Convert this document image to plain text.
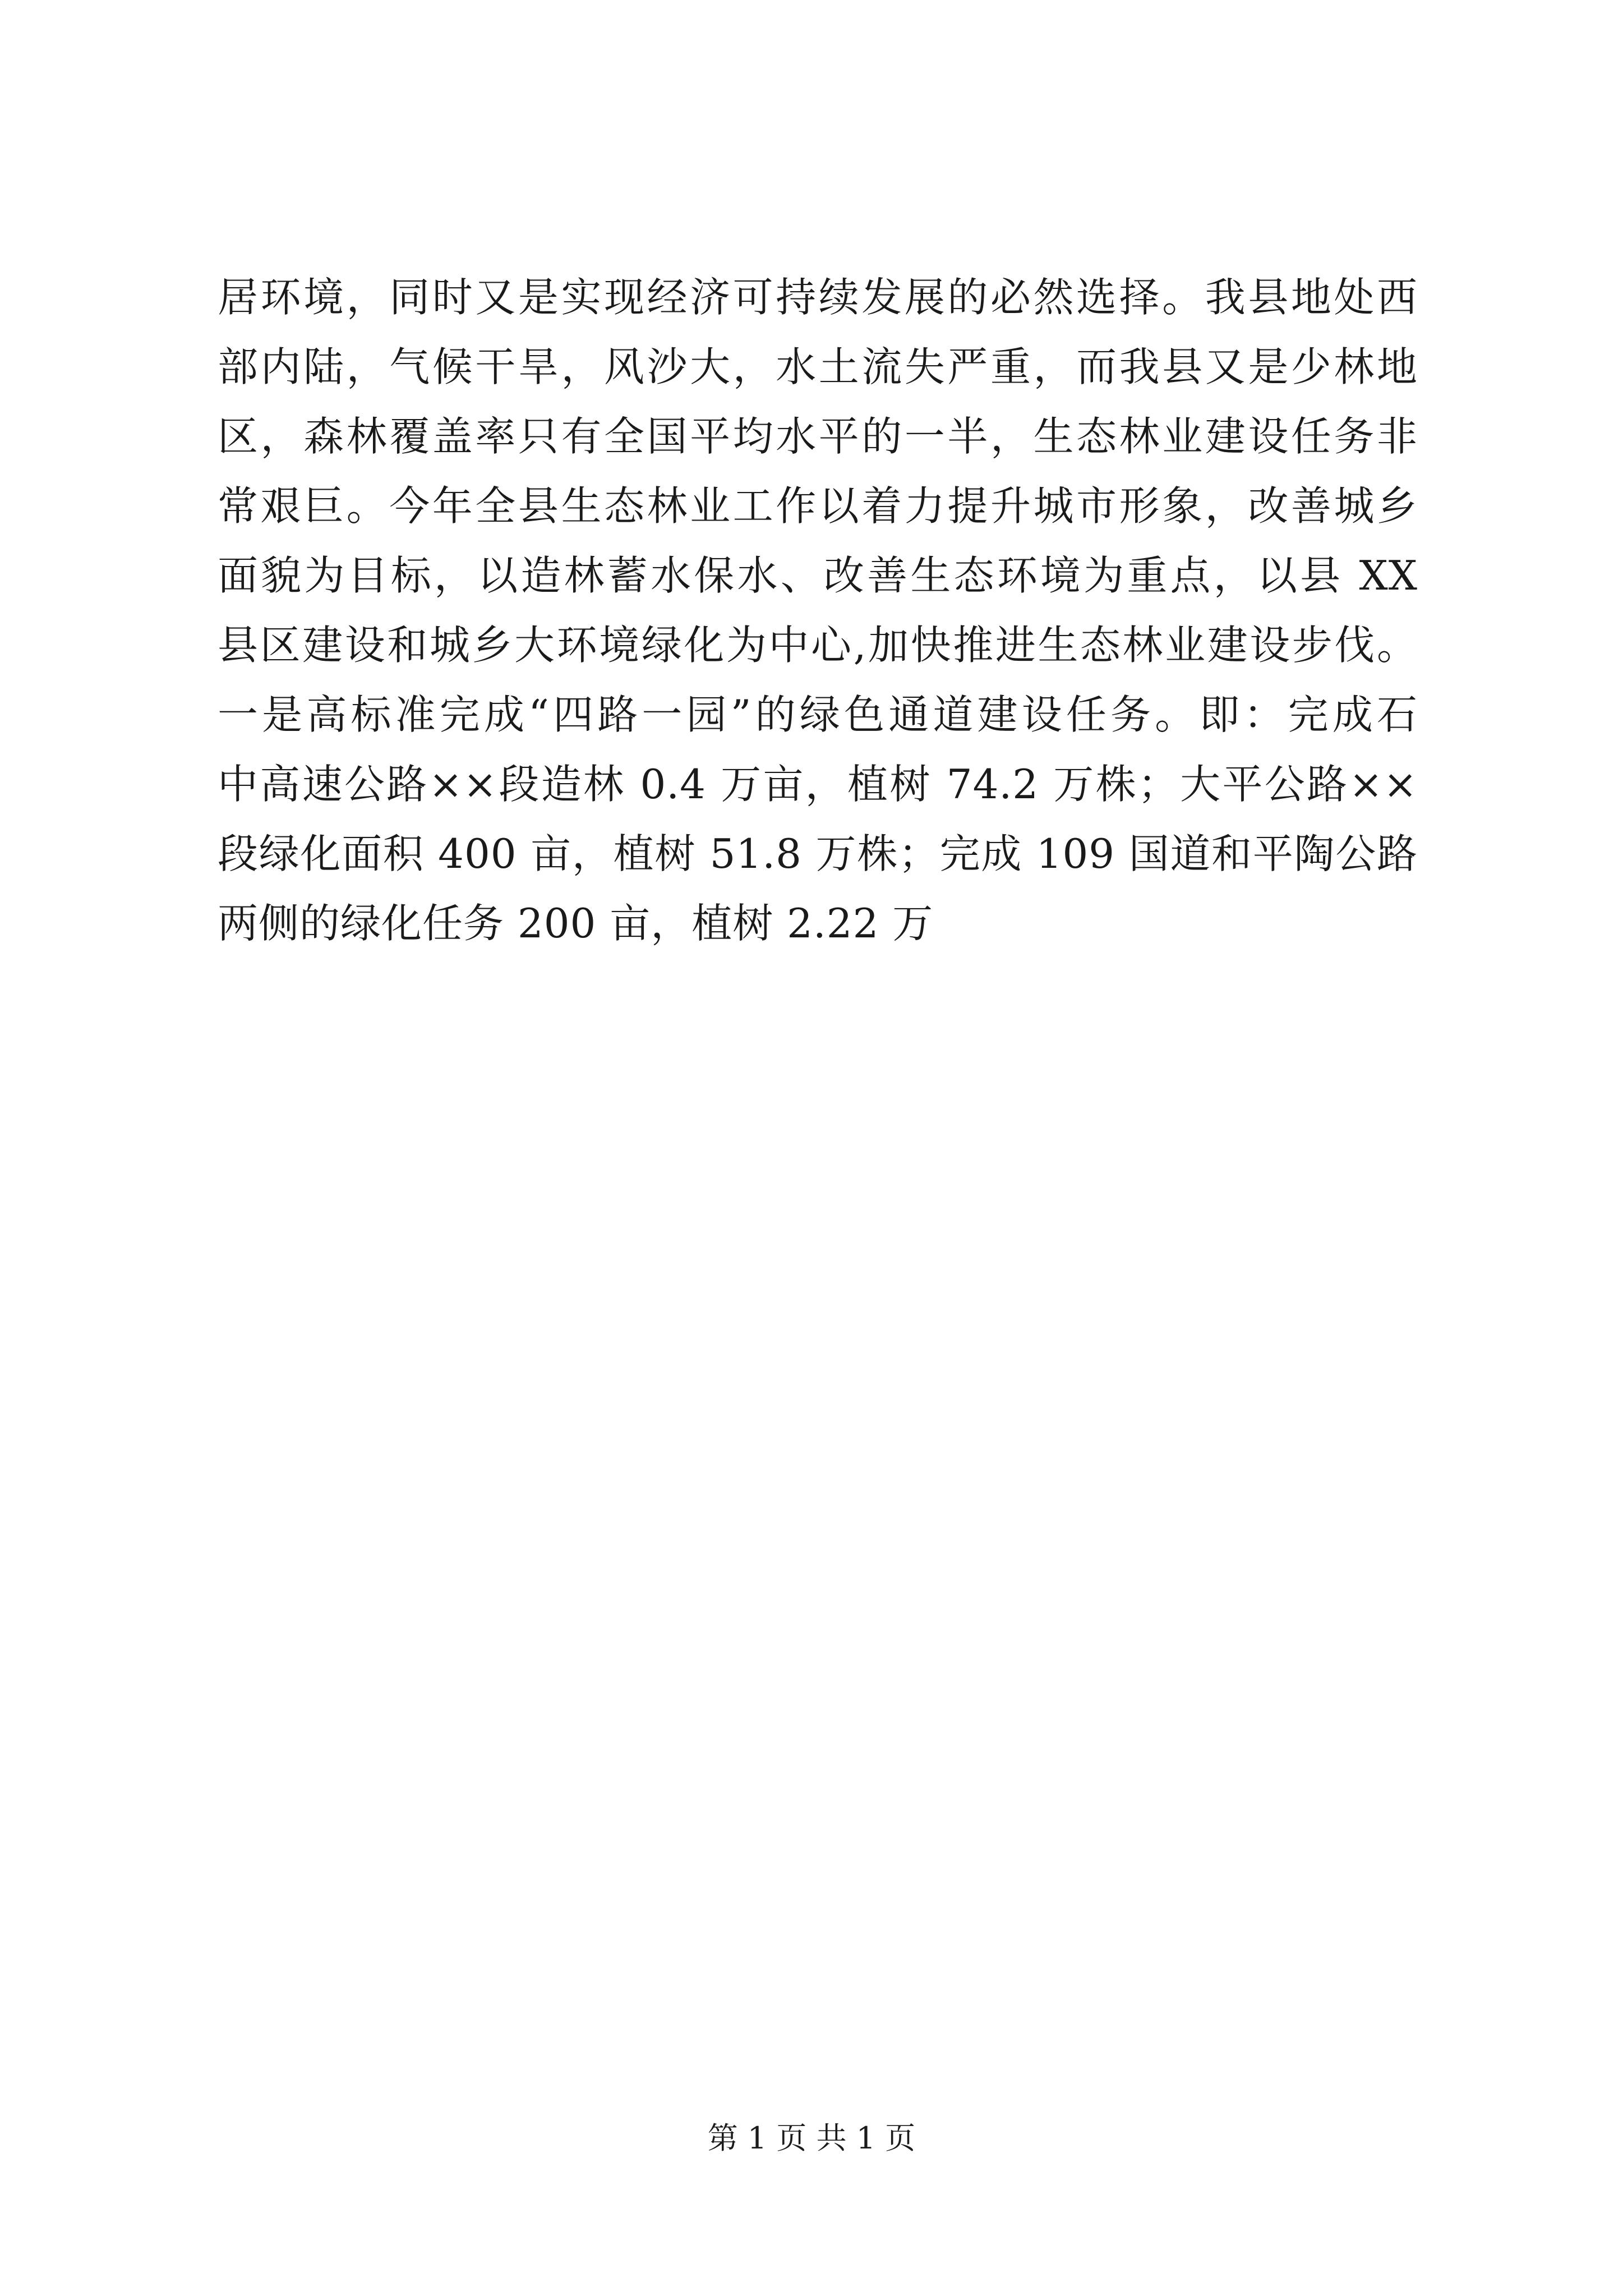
居环境，同时又是实现经济可持续发展的必然选择。我县地处西
部内陆，气候干旱，风沙大，水土流失严重，而我县又是少林地
区，森林覆盖率只有全国平均水平的一半，生态林业建设任务非
常艰巨。今年全县生态林业工作以着力提升城市形象，改善城乡
面貌为目标，以造林蓄水保水、改善生态环境为重点，以县 XX
县区建设和城乡大环境绿化为中心,加快推进生态林业建设步伐。
一是高标准完成“四路一园”的绿色通道建设任务。即：完成石
中高速公路××段造林 0.4 万亩，植树 74.2 万株；大平公路××
段绿化面积 400 亩，植树 51.8 万株；完成 109 国道和平陶公路
两侧的绿化任务 200 亩，植树 2.22 万
第 1 页 共 1 页
